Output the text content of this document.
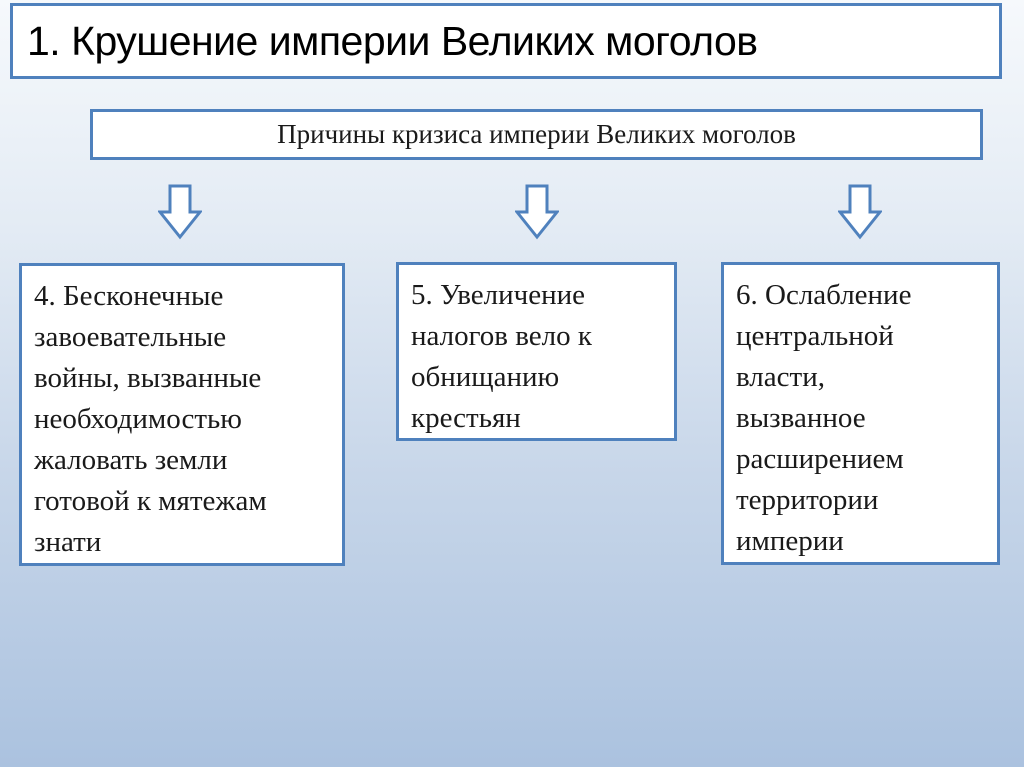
1. Крушение империи Великих моголов
Причины кризиса империи Великих моголов
4. Бесконечные
завоевательные
войны, вызванные
необходимостью
жаловать земли
готовой к мятежам
знати
5. Увеличение
налогов вело к
обнищанию
крестьян
6. Ослабление
центральной
власти,
вызванное
расширением
территории
империи
